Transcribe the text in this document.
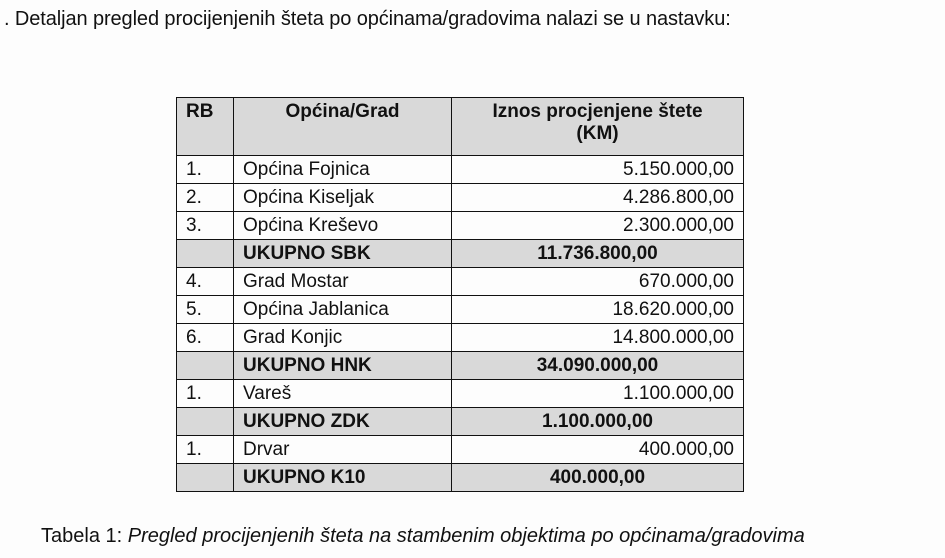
. Detaljan pregled procijenjenih šteta po općinama/gradovima nalazi se u nastavku:
RB	Općina/Grad	Iznos procjenjene štete
(KM)
1.	Općina Fojnica	5.150.000,00
2.	Općina Kiseljak	4.286.800,00
3.	Općina Kreševo	2.300.000,00
	UKUPNO SBK	11.736.800,00
4.	Grad Mostar	670.000,00
5.	Općina Jablanica	18.620.000,00
6.	Grad Konjic	14.800.000,00
	UKUPNO HNK	34.090.000,00
1.	Vareš	1.100.000,00
	UKUPNO ZDK	1.100.000,00
1.	Drvar	400.000,00
	UKUPNO K10	400.000,00
Tabela 1: Pregled procijenjenih šteta na stambenim objektima po općinama/gradovima
